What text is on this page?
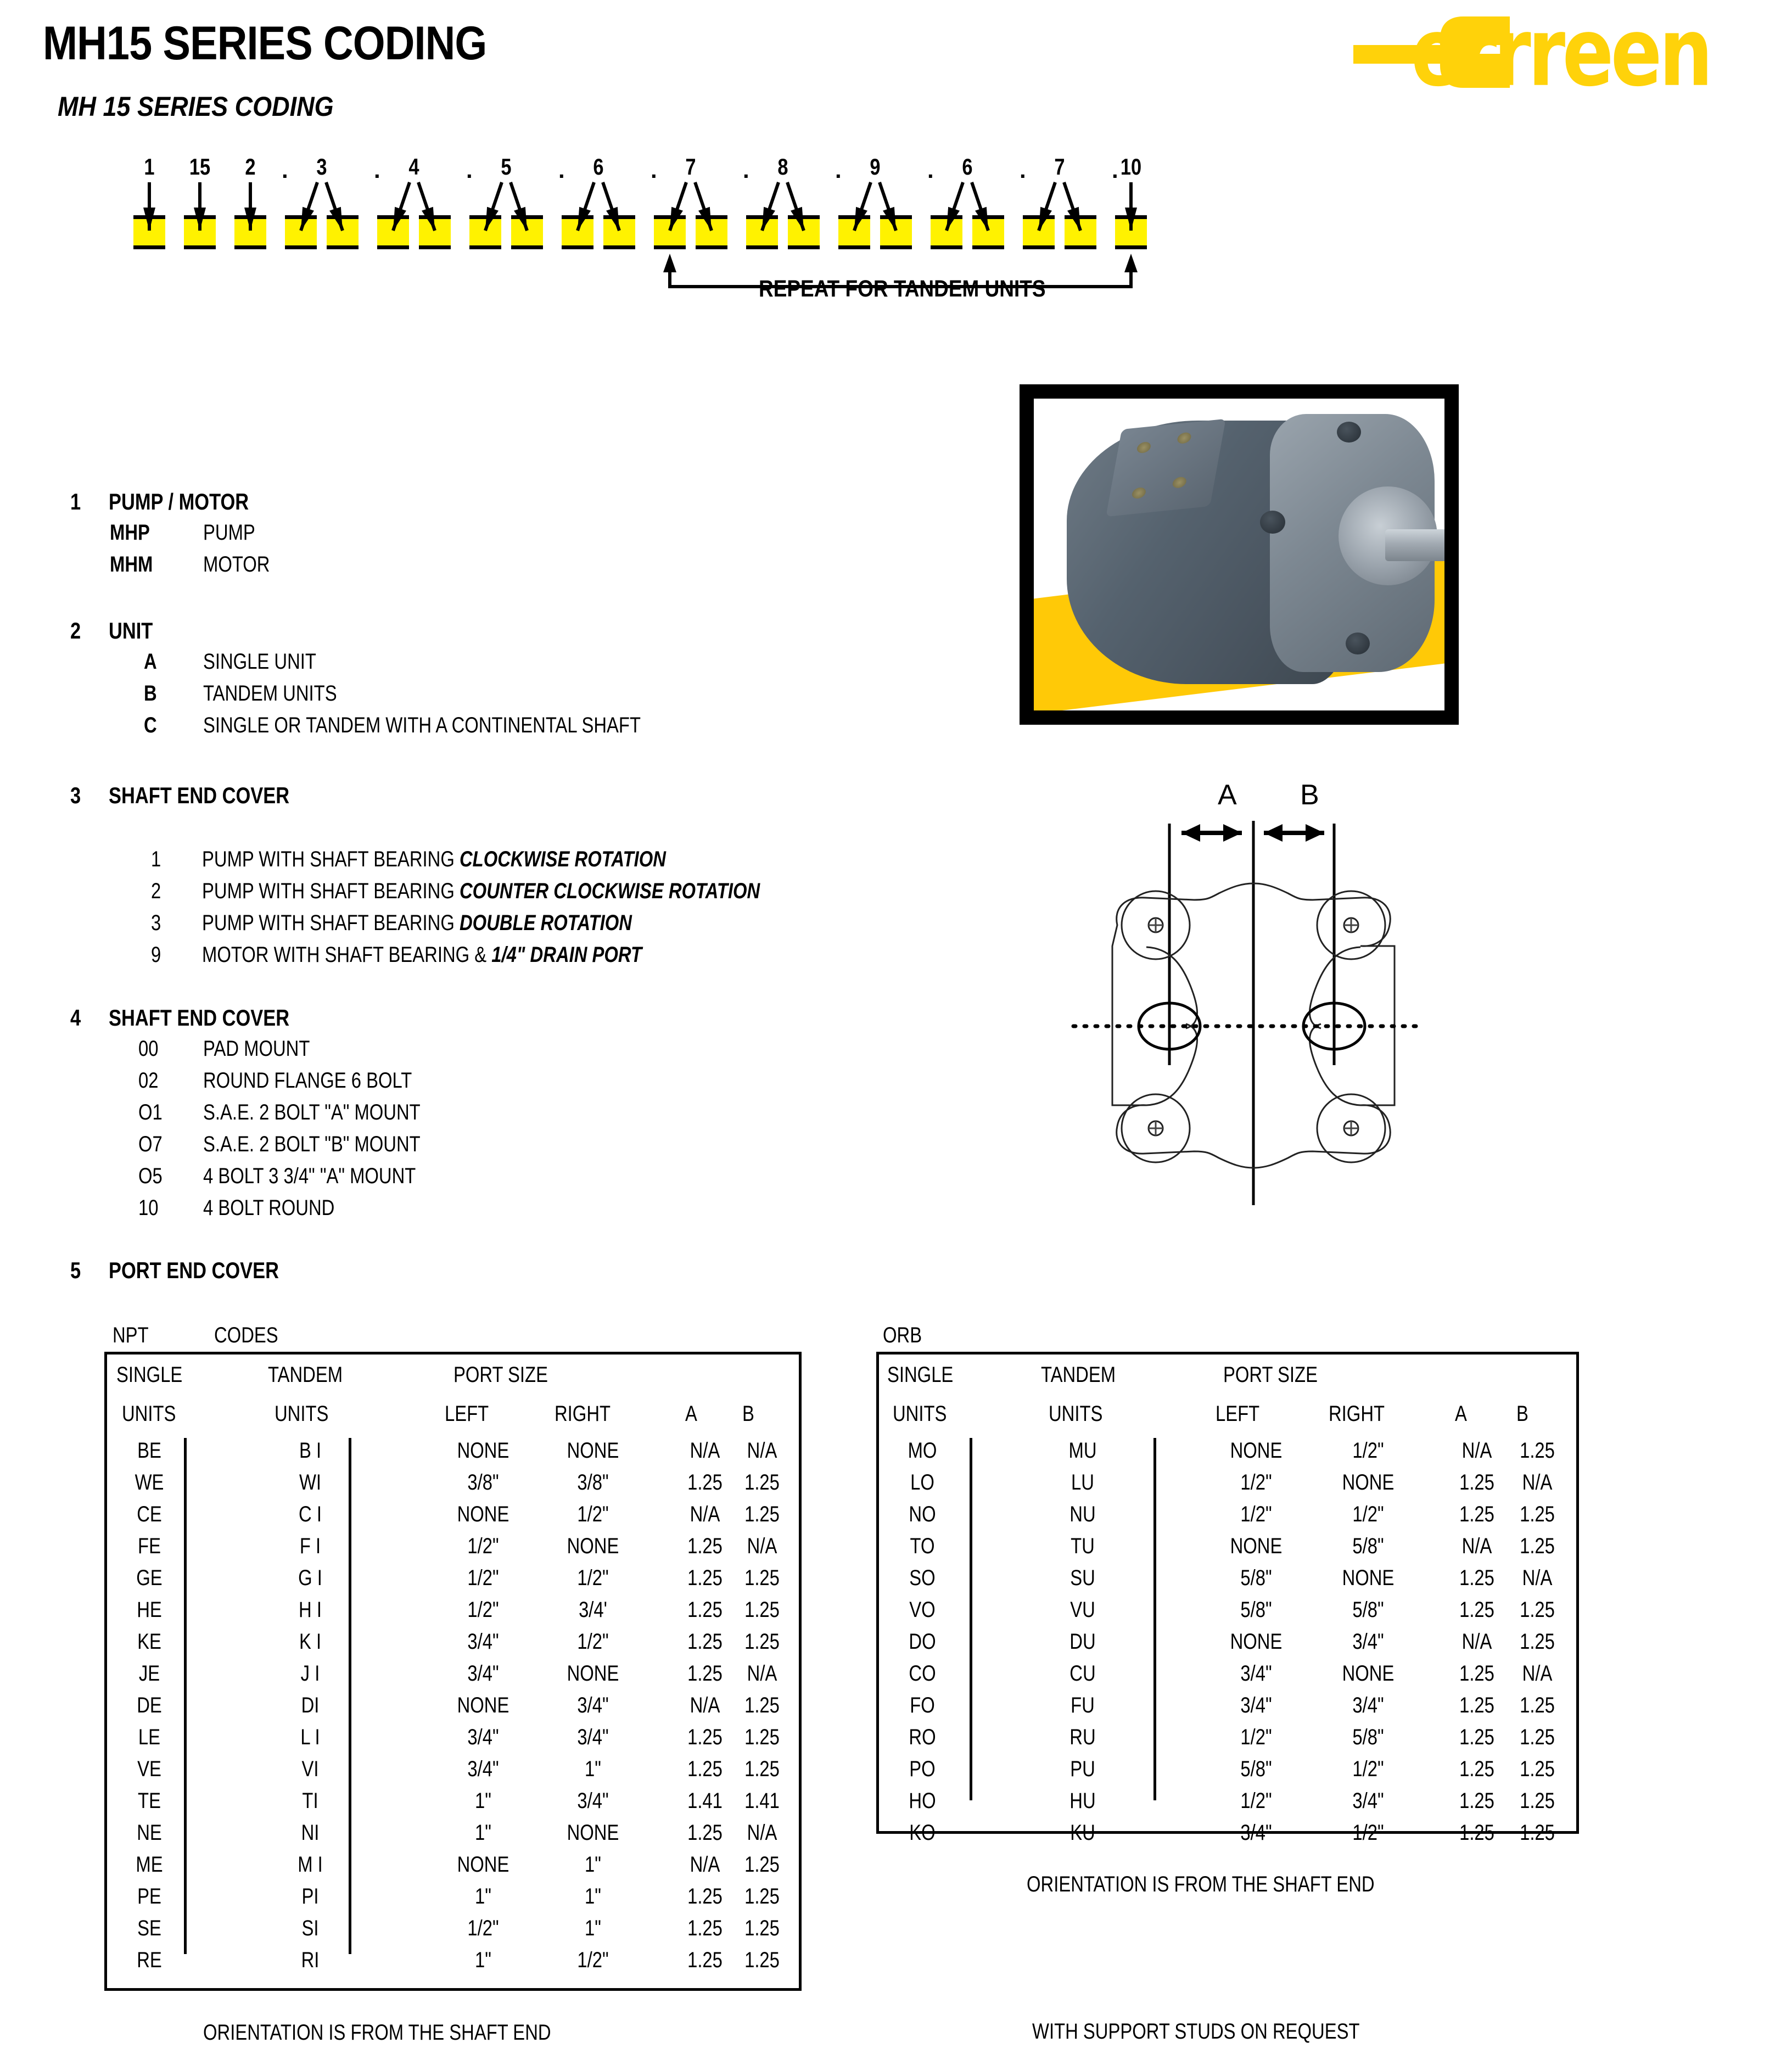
MH15 SERIES CODING
MH 15 SERIES CODING	errreen
1	15	2	.	3	.	4	.	5	.	6	.	7	.	8	.	9	.	6	.	7	. 10
REPEAT FOR TANDEM UNITS
1 PUMP / MOTOR
MHP PUMP
MHM MOTOR
2 UNIT
A SINGLE UNIT
B TANDEM UNITS
C SINGLE OR TANDEM WITH A CONTINENTAL SHAFT
3 SHAFT END COVER
1 PUMP WITH SHAFT BEARING CLOCKWISE ROTATION
2 PUMP WITH SHAFT BEARING COUNTER CLOCKWISE ROTATION
3 PUMP WITH SHAFT BEARING DOUBLE ROTATION
9 MOTOR WITH SHAFT BEARING & 1/4" DRAIN PORT
4 SHAFT END COVER
00 PAD MOUNT
02 ROUND FLANGE 6 BOLT
O1 S.A.E. 2 BOLT "A" MOUNT
O7 S.A.E. 2 BOLT "B" MOUNT
O5 4 BOLT 3 3/4" "A" MOUNT
10 4 BOLT ROUND
5 PORT END COVER
A B
NPT	CODES
SINGLE	TANDEM	PORT SIZE
UNITS	UNITS	LEFT	RIGHT	A B
BE	B I	NONE	NONE	N/A	N/A
WE	WI	3/8"	3/8"	1.25	1.25
CE	C I	NONE	1/2"	N/A	1.25
FE	F I	1/2"	NONE	1.25	N/A
GE	G I	1/2"	1/2"	1.25	1.25
HE	H I	1/2"	3/4'	1.25	1.25
KE	K I	3/4"	1/2"	1.25	1.25
JE	J I	3/4"	NONE	1.25	N/A
DE	DI	NONE	3/4"	N/A	1.25
LE	L I	3/4"	3/4"	1.25	1.25
VE	VI	3/4"	1"	1.25	1.25
TE	TI	1"	3/4"	1.41	1.41
NE	NI	1"	NONE	1.25	N/A
ME	M I	NONE	1"	N/A	1.25
PE	PI	1"	1"	1.25	1.25
SE	SI	1/2"	1"	1.25	1.25
RE	RI	1"	1/2"	1.25	1.25
ORIENTATION IS FROM THE SHAFT END
ORB
SINGLE	TANDEM	PORT SIZE
UNITS	UNITS	LEFT	RIGHT	A B
MO	MU	NONE	1/2"	N/A	1.25
LO	LU	1/2"	NONE	1.25	N/A
NO	NU	1/2"	1/2"	1.25	1.25
TO	TU	NONE	5/8"	N/A	1.25
SO	SU	5/8"	NONE	1.25	N/A
VO	VU	5/8"	5/8"	1.25	1.25
DO	DU	NONE	3/4"	N/A	1.25
CO	CU	3/4"	NONE	1.25	N/A
FO	FU	3/4"	3/4"	1.25	1.25
RO	RU	1/2"	5/8"	1.25	1.25
PO	PU	5/8"	1/2"	1.25	1.25
HO	HU	1/2"	3/4"	1.25	1.25
KO	KU	3/4"	1/2"	1.25	1.25
ORIENTATION IS FROM THE SHAFT END
WITH SUPPORT STUDS ON REQUEST
